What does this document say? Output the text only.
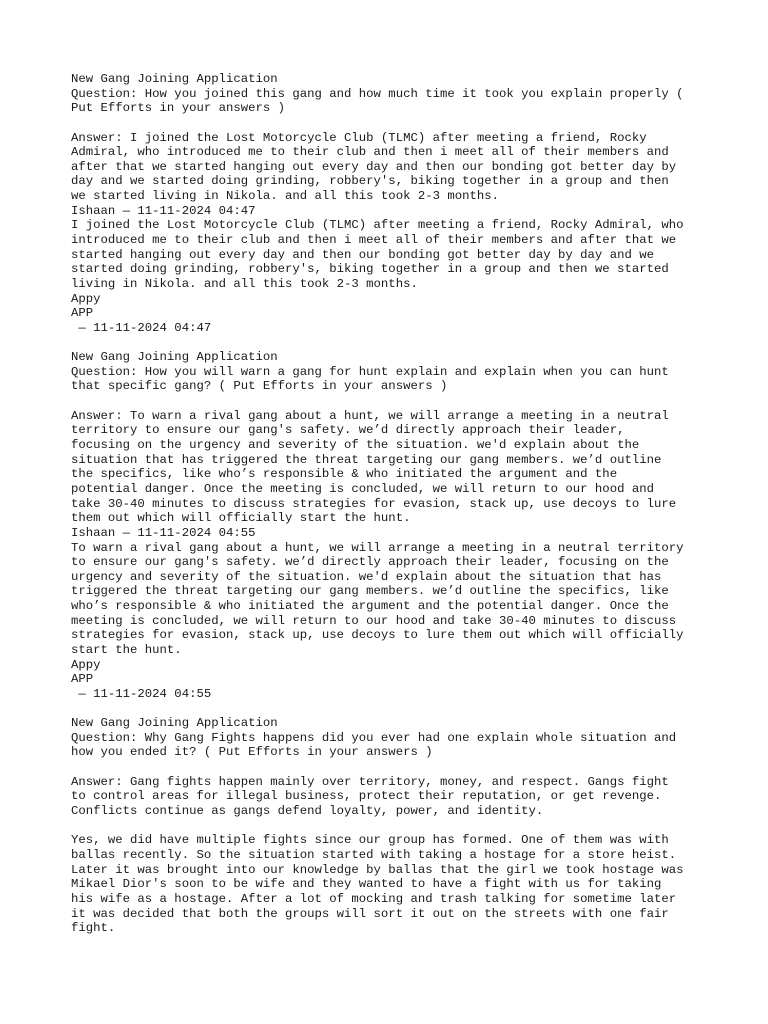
New Gang Joining Application
Question: How you joined this gang and how much time it took you explain properly (
Put Efforts in your answers )
Answer: I joined the Lost Motorcycle Club (TLMC) after meeting a friend, Rocky
Admiral, who introduced me to their club and then i meet all of their members and
after that we started hanging out every day and then our bonding got better day by
day and we started doing grinding, robbery's, biking together in a group and then
we started living in Nikola. and all this took 2-3 months.
Ishaan — 11-11-2024 04:47
I joined the Lost Motorcycle Club (TLMC) after meeting a friend, Rocky Admiral, who
introduced me to their club and then i meet all of their members and after that we
started hanging out every day and then our bonding got better day by day and we
started doing grinding, robbery's, biking together in a group and then we started
living in Nikola. and all this took 2-3 months.
Appy
APP
— 11-11-2024 04:47
New Gang Joining Application
Question: How you will warn a gang for hunt explain and explain when you can hunt
that specific gang? ( Put Efforts in your answers )
Answer: To warn a rival gang about a hunt, we will arrange a meeting in a neutral
territory to ensure our gang's safety. we’d directly approach their leader,
focusing on the urgency and severity of the situation. we'd explain about the
situation that has triggered the threat targeting our gang members. we’d outline
the specifics, like who’s responsible & who initiated the argument and the
potential danger. Once the meeting is concluded, we will return to our hood and
take 30-40 minutes to discuss strategies for evasion, stack up, use decoys to lure
them out which will officially start the hunt.
Ishaan — 11-11-2024 04:55
To warn a rival gang about a hunt, we will arrange a meeting in a neutral territory
to ensure our gang's safety. we’d directly approach their leader, focusing on the
urgency and severity of the situation. we'd explain about the situation that has
triggered the threat targeting our gang members. we’d outline the specifics, like
who’s responsible & who initiated the argument and the potential danger. Once the
meeting is concluded, we will return to our hood and take 30-40 minutes to discuss
strategies for evasion, stack up, use decoys to lure them out which will officially
start the hunt.
Appy
APP
— 11-11-2024 04:55
New Gang Joining Application
Question: Why Gang Fights happens did you ever had one explain whole situation and
how you ended it? ( Put Efforts in your answers )
Answer: Gang fights happen mainly over territory, money, and respect. Gangs fight
to control areas for illegal business, protect their reputation, or get revenge.
Conflicts continue as gangs defend loyalty, power, and identity.
Yes, we did have multiple fights since our group has formed. One of them was with
ballas recently. So the situation started with taking a hostage for a store heist.
Later it was brought into our knowledge by ballas that the girl we took hostage was
Mikael Dior's soon to be wife and they wanted to have a fight with us for taking
his wife as a hostage. After a lot of mocking and trash talking for sometime later
it was decided that both the groups will sort it out on the streets with one fair
fight.
